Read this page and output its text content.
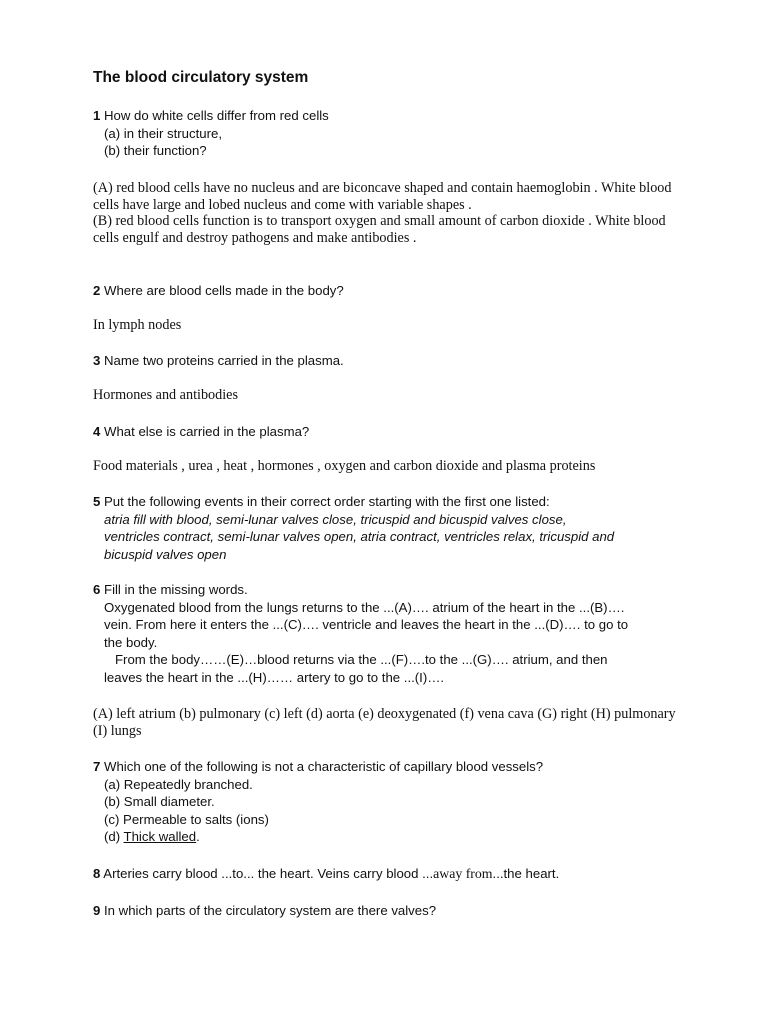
The blood circulatory system
1 How do white cells differ from red cells
(a) in their structure,
(b) their function?
(A) red blood cells have no nucleus and are biconcave shaped and contain haemoglobin . White blood cells have large and lobed nucleus and come with variable shapes .
(B) red blood cells function is to transport oxygen and small amount of carbon dioxide . White blood cells engulf and destroy pathogens and make antibodies .
2 Where are blood cells made in the body?
In lymph nodes
3 Name two proteins carried in the plasma.
Hormones and antibodies
4 What else is carried in the plasma?
Food materials , urea , heat , hormones , oxygen and carbon dioxide and plasma proteins
5 Put the following events in their correct order starting with the first one listed:
atria fill with blood, semi-lunar valves close, tricuspid and bicuspid valves close,
ventricles contract, semi-lunar valves open, atria contract, ventricles relax, tricuspid and
bicuspid valves open
6 Fill in the missing words.
Oxygenated blood from the lungs returns to the ...(A)…. atrium of the heart in the ...(B)….
vein. From here it enters the ...(C)…. ventricle and leaves the heart in the ...(D)…. to go to
the body.
From the body……(E)…blood returns via the ...(F)….to the ...(G)…. atrium, and then
leaves the heart in the ...(H)…… artery to go to the ...(I)….
(A) left atrium (b) pulmonary (c) left (d) aorta (e) deoxygenated (f) vena cava (G) right (H) pulmonary (I) lungs
7 Which one of the following is not a characteristic of capillary blood vessels?
(a) Repeatedly branched.
(b) Small diameter.
(c) Permeable to salts (ions)
(d) Thick walled.
8 Arteries carry blood ...to... the heart. Veins carry blood ...away from...the heart.
9 In which parts of the circulatory system are there valves?
